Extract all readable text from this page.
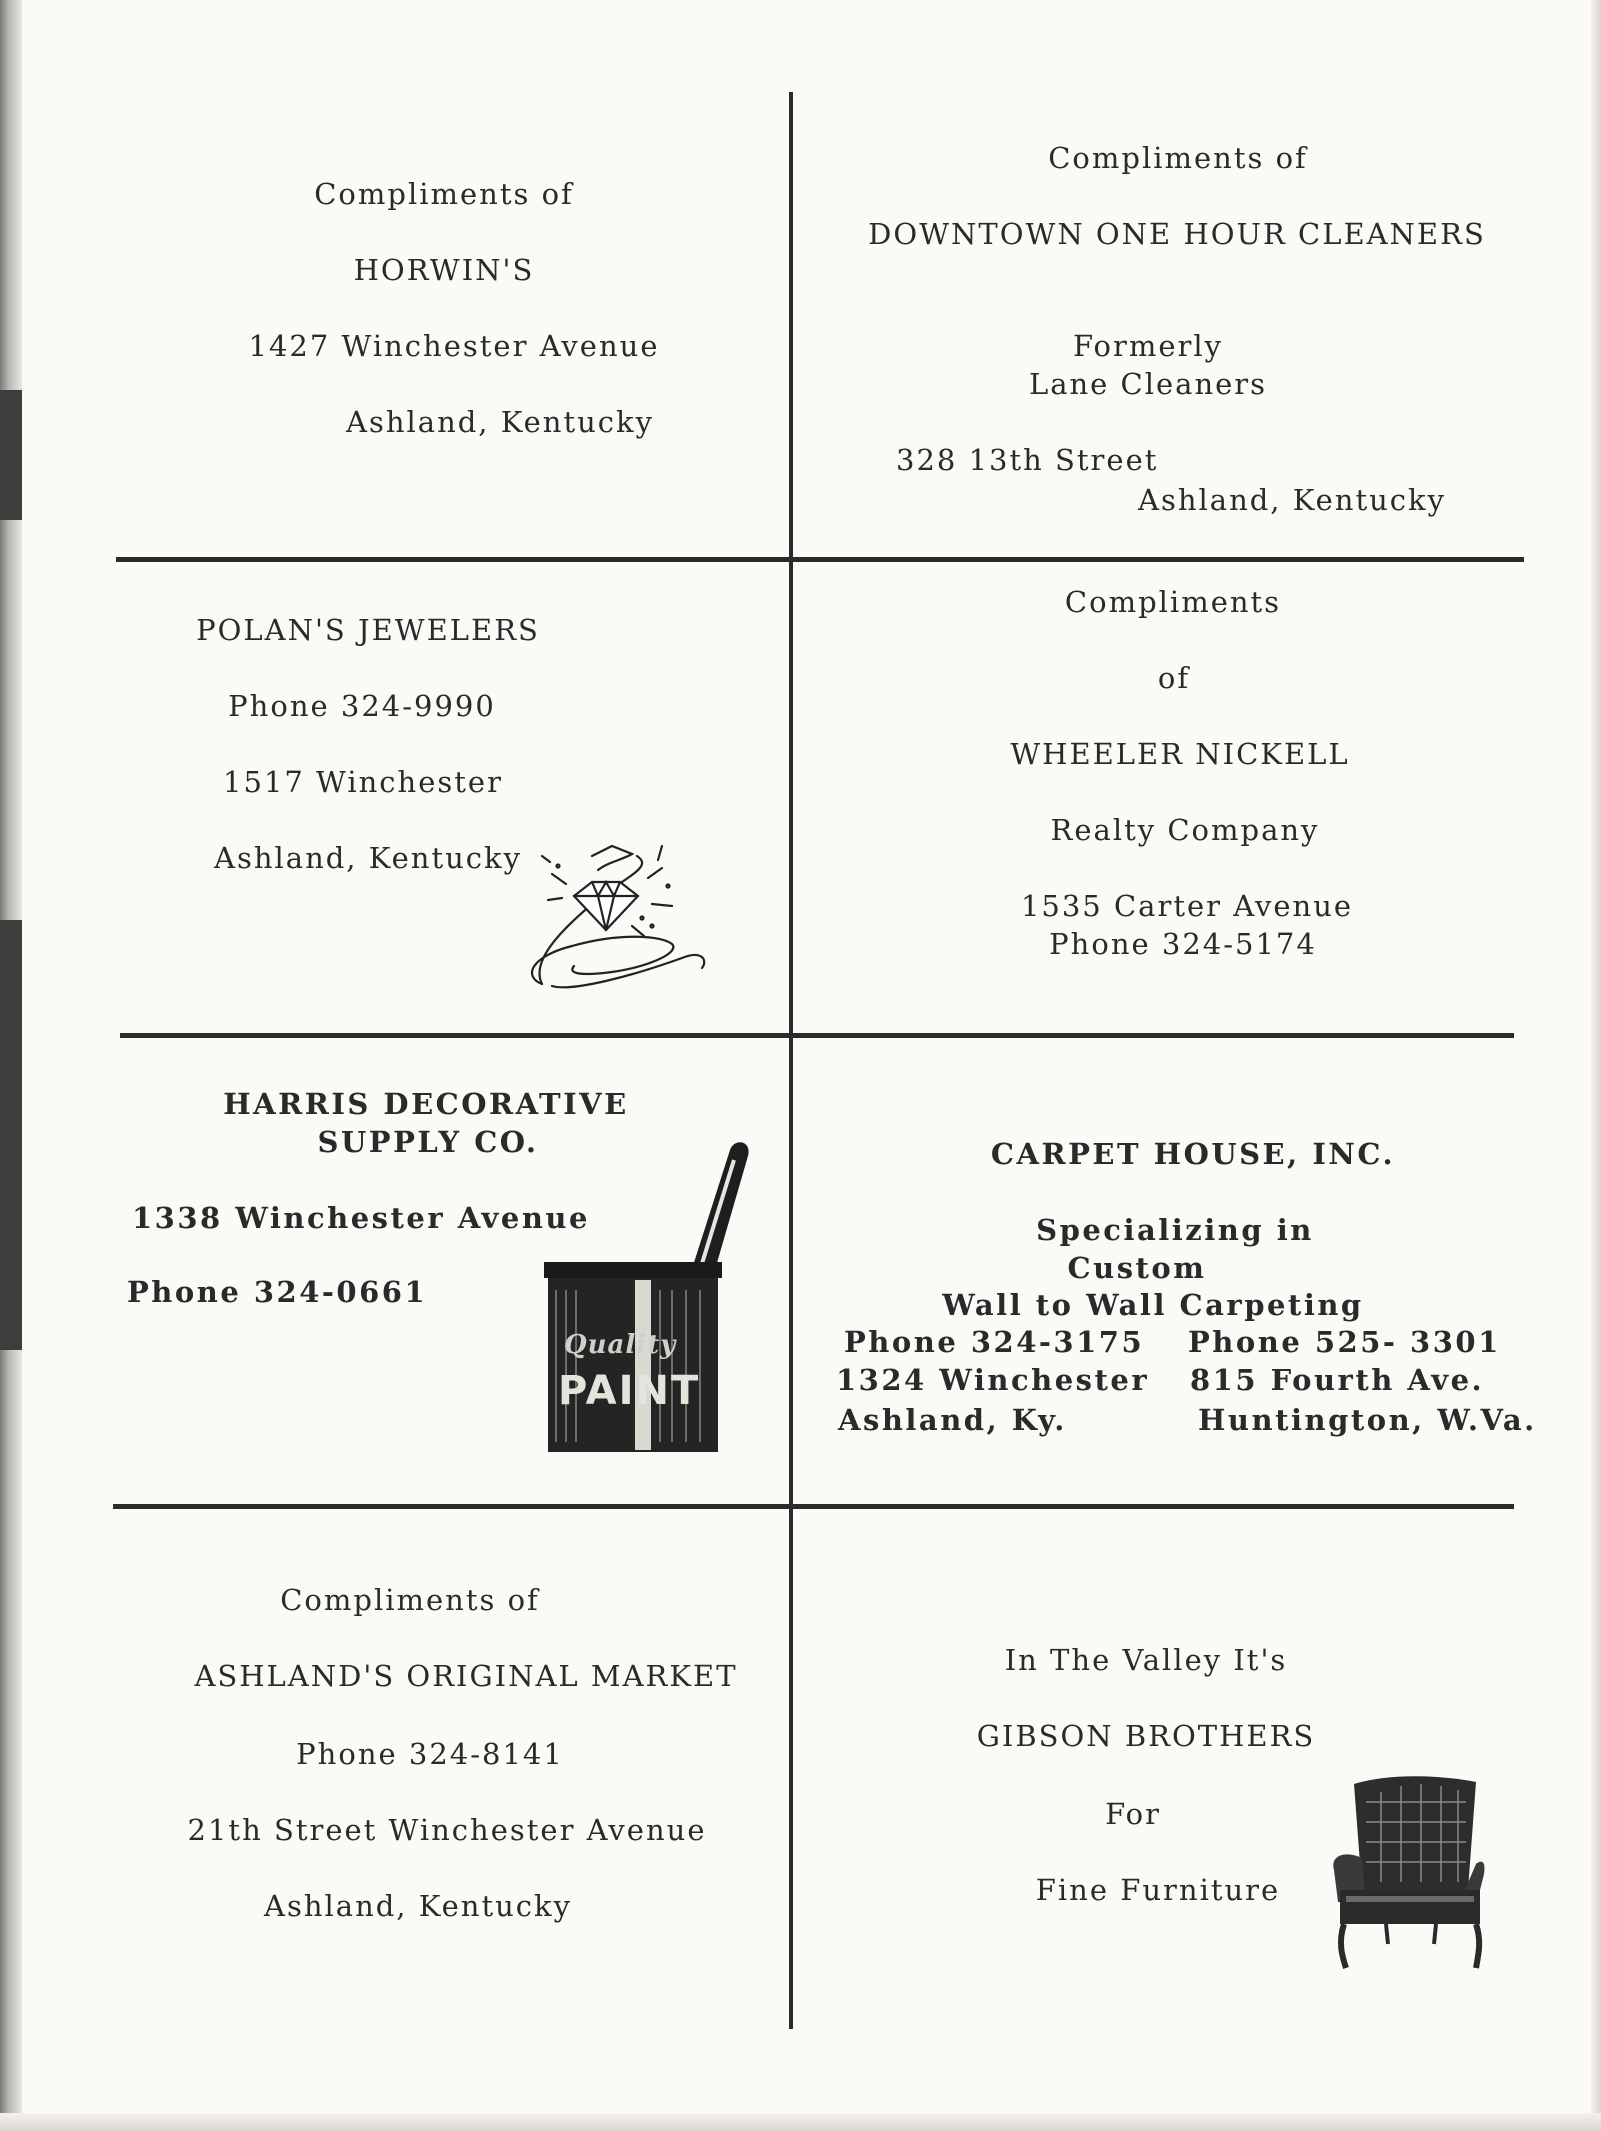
Compliments of
HORWIN'S
1427 Winchester Avenue
Ashland, Kentucky
Compliments of
DOWNTOWN ONE HOUR CLEANERS
Formerly
Lane Cleaners
328 13th Street
Ashland, Kentucky
POLAN'S JEWELERS
Phone 324-9990
1517 Winchester
Ashland, Kentucky
Compliments
of
WHEELER NICKELL
Realty Company
1535 Carter Avenue
Phone 324-5174
HARRIS DECORATIVE
SUPPLY CO.
1338 Winchester Avenue
Phone 324-0661
Quality
PAINT
CARPET HOUSE, INC.
Specializing in
Custom
Wall to Wall Carpeting
Phone 324-3175
1324 Winchester
Ashland, Ky.
Phone 525- 3301
815 Fourth Ave.
Huntington, W.Va.
Compliments of
ASHLAND'S ORIGINAL MARKET
Phone 324-8141
21th Street Winchester Avenue
Ashland, Kentucky
In The Valley It's
GIBSON BROTHERS
For
Fine Furniture
